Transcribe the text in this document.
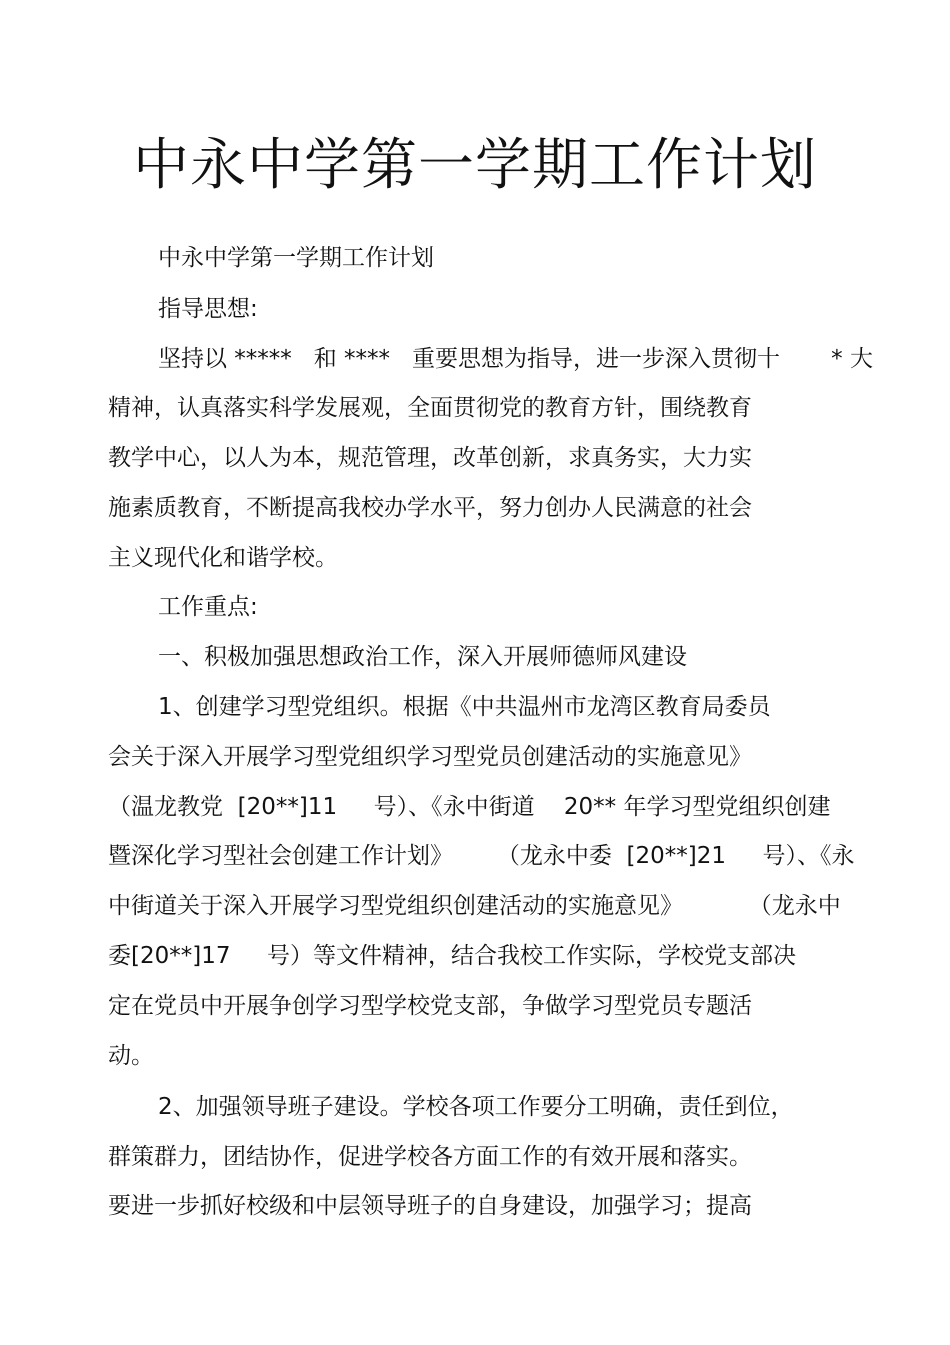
中永中学第一学期工作计划

中永中学第一学期工作计划

指导思想:

坚持以 *****   和 ****   重要思想为指导，进一步深入贯彻十       * 大

精神，认真落实科学发展观，全面贯彻党的教育方针，围绕教育

教学中心，以人为本，规范管理，改革创新，求真务实，大力实

施素质教育，不断提高我校办学水平，努力创办人民满意的社会

主义现代化和谐学校。

工作重点:

一、积极加强思想政治工作，深入开展师德师风建设

1、创建学习型党组织。根据《中共温州市龙湾区教育局委员

会关于深入开展学习型党组织学习型党员创建活动的实施意见》

（温龙教党  [20**]11     号）、《永中街道    20** 年学习型党组织创建

暨深化学习型社会创建工作计划》      （龙永中委  [20**]21     号）、《永

中街道关于深入开展学习型党组织创建活动的实施意见》         （龙永中

委[20**]17     号）等文件精神，结合我校工作实际，学校党支部决

定在党员中开展争创学习型学校党支部，争做学习型党员专题活

动。

2、加强领导班子建设。学校各项工作要分工明确，责任到位，

群策群力，团结协作，促进学校各方面工作的有效开展和落实。

要进一步抓好校级和中层领导班子的自身建设，加强学习；提高
